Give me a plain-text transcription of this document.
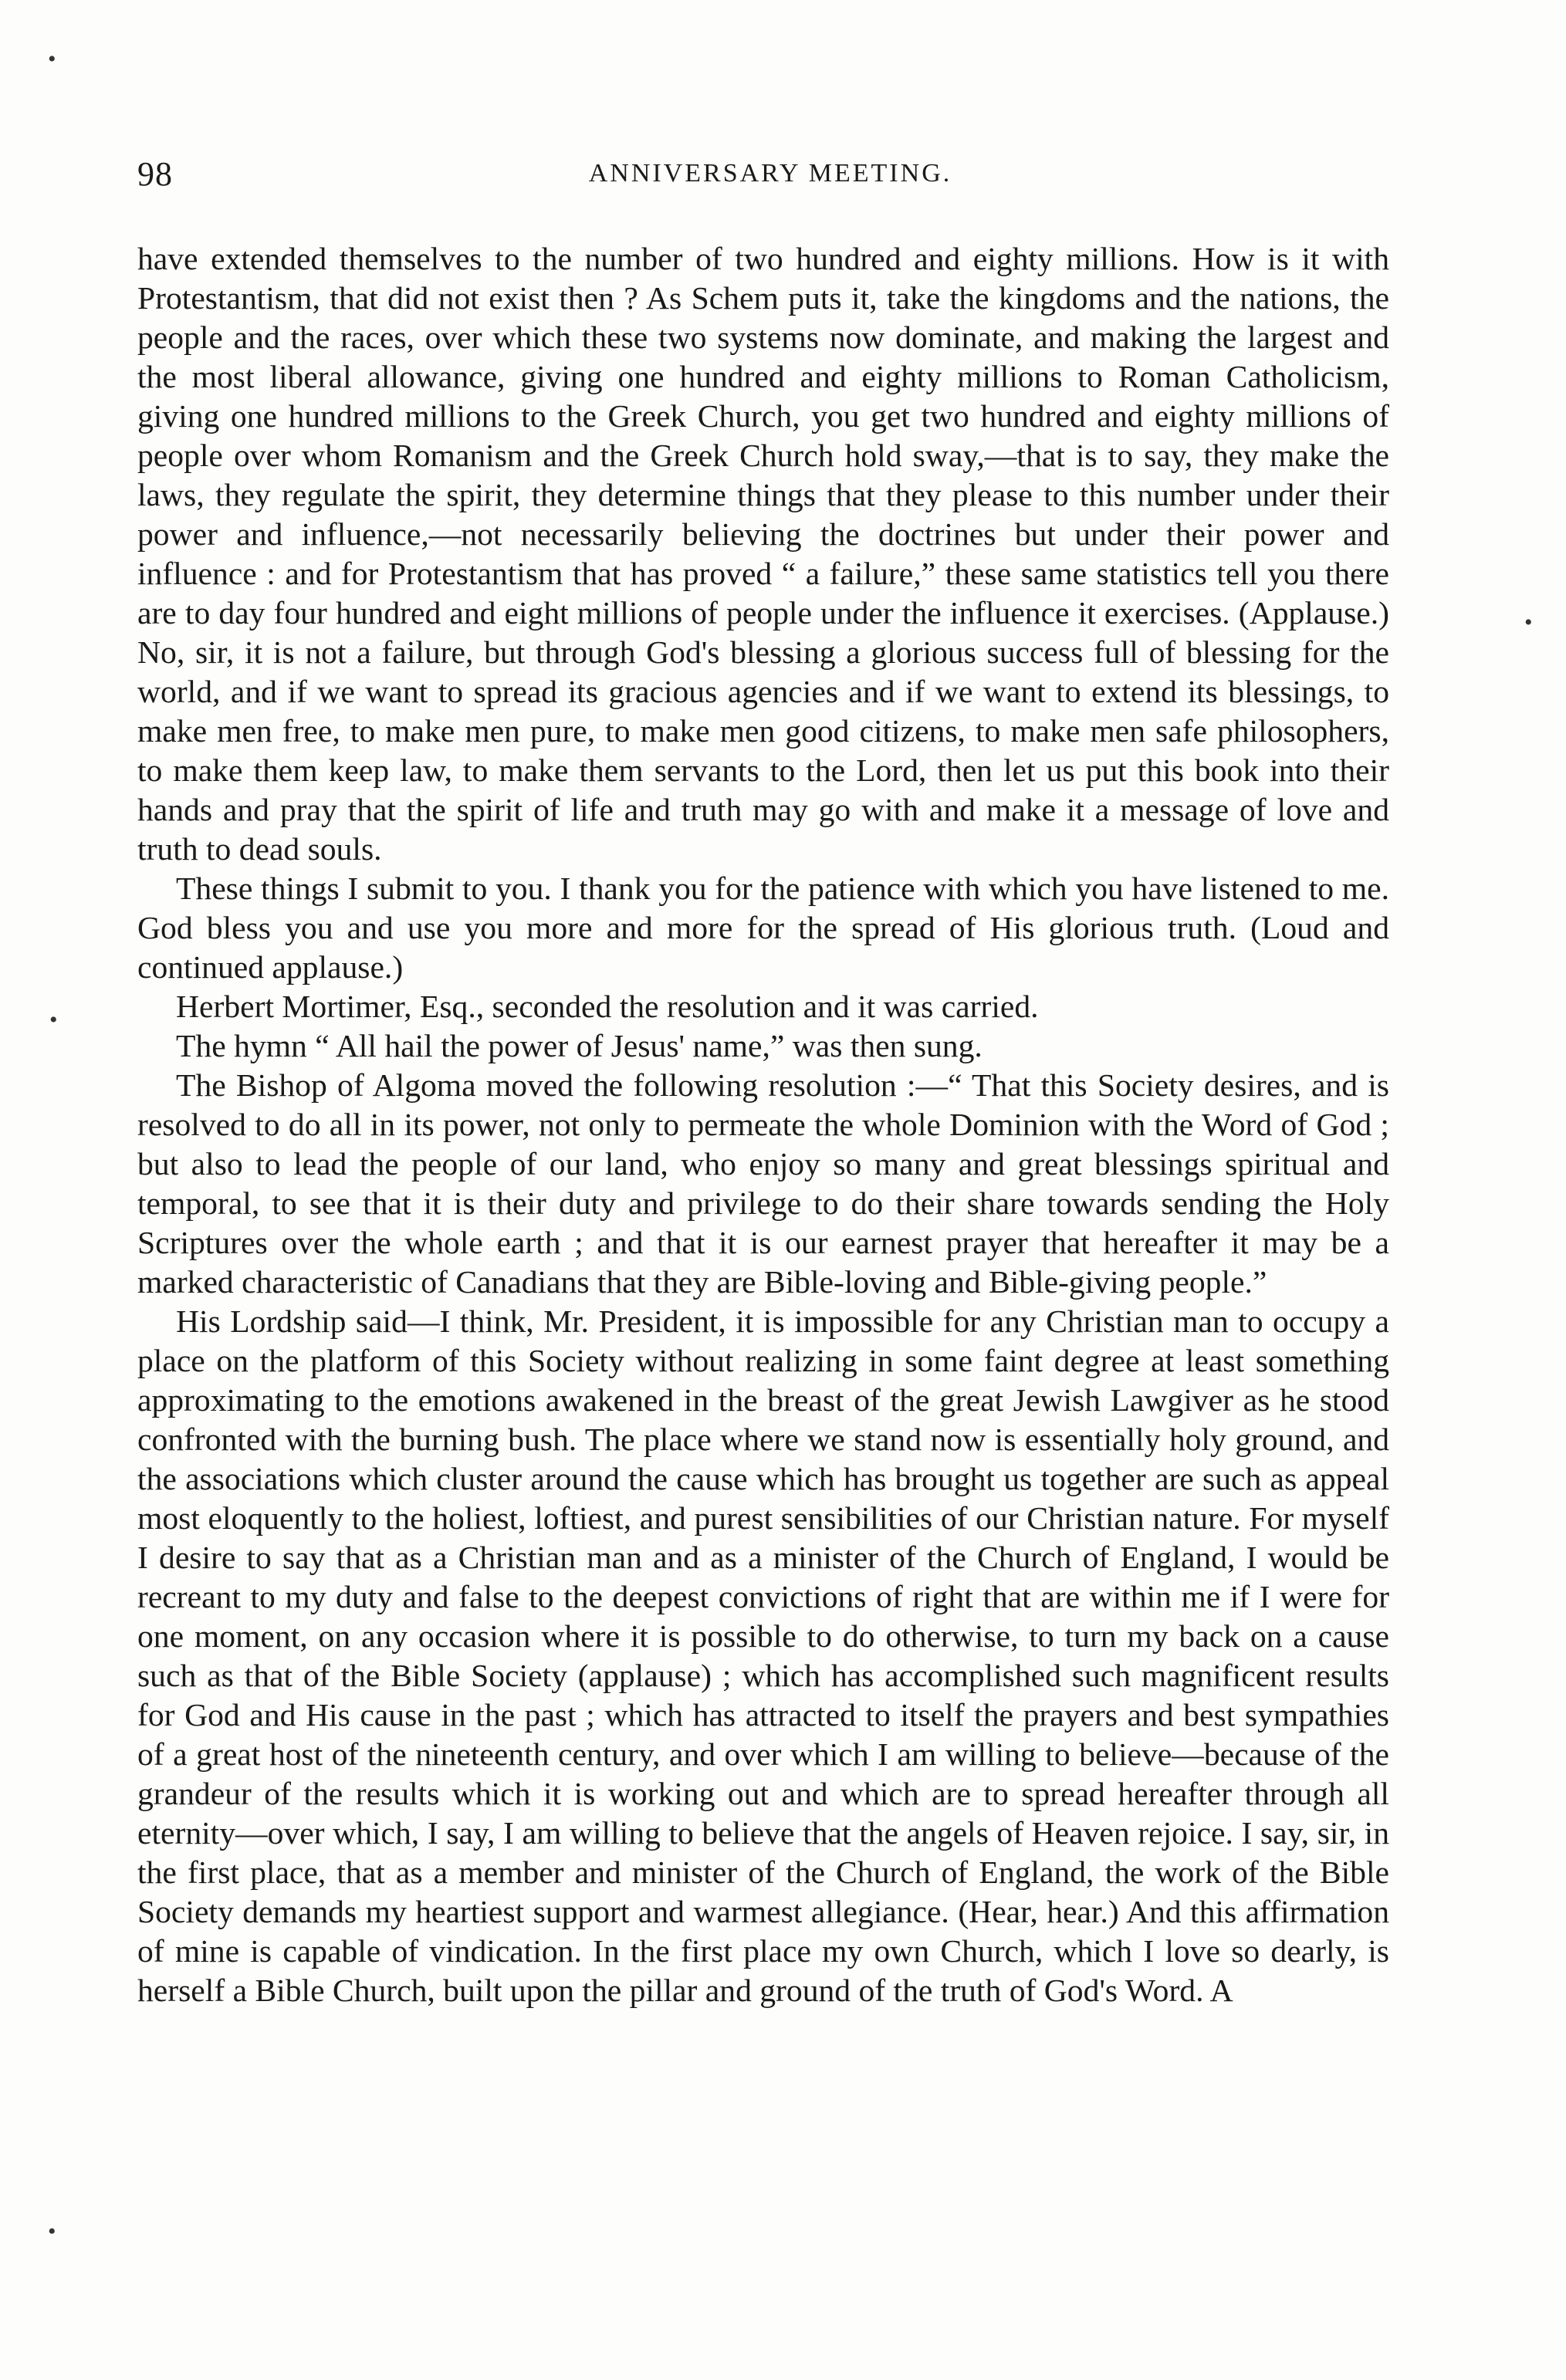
98	ANNIVERSARY MEETING.

have extended themselves to the number of two hundred and eighty millions. How is it with Protestantism, that did not exist then ? As Schem puts it, take the kingdoms and the nations, the people and the races, over which these two systems now dominate, and making the largest and the most liberal allowance, giving one hundred and eighty millions to Roman Catholicism, giving one hundred millions to the Greek Church, you get two hundred and eighty millions of people over whom Romanism and the Greek Church hold sway,—that is to say, they make the laws, they regulate the spirit, they determine things that they please to this number under their power and influence,—not necessarily believing the doctrines but under their power and influence : and for Protestantism that has proved “ a failure,” these same statistics tell you there are to day four hundred and eight millions of people under the influence it exercises. (Applause.) No, sir, it is not a failure, but through God's blessing a glorious success full of blessing for the world, and if we want to spread its gracious agencies and if we want to extend its blessings, to make men free, to make men pure, to make men good citizens, to make men safe philosophers, to make them keep law, to make them servants to the Lord, then let us put this book into their hands and pray that the spirit of life and truth may go with and make it a message of love and truth to dead souls.

These things I submit to you. I thank you for the patience with which you have listened to me. God bless you and use you more and more for the spread of His glorious truth. (Loud and continued applause.)

Herbert Mortimer, Esq., seconded the resolution and it was carried.

The hymn “ All hail the power of Jesus' name,” was then sung.

The Bishop of Algoma moved the following resolution :—“ That this Society desires, and is resolved to do all in its power, not only to permeate the whole Dominion with the Word of God ; but also to lead the people of our land, who enjoy so many and great blessings spiritual and temporal, to see that it is their duty and privilege to do their share towards sending the Holy Scriptures over the whole earth ; and that it is our earnest prayer that hereafter it may be a marked characteristic of Canadians that they are Bible-loving and Bible-giving people.”

His Lordship said—I think, Mr. President, it is impossible for any Christian man to occupy a place on the platform of this Society without realizing in some faint degree at least something approximating to the emotions awakened in the breast of the great Jewish Lawgiver as he stood confronted with the burning bush. The place where we stand now is essentially holy ground, and the associations which cluster around the cause which has brought us together are such as appeal most eloquently to the holiest, loftiest, and purest sensibilities of our Christian nature. For myself I desire to say that as a Christian man and as a minister of the Church of England, I would be recreant to my duty and false to the deepest convictions of right that are within me if I were for one moment, on any occasion where it is possible to do otherwise, to turn my back on a cause such as that of the Bible Society (applause) ; which has accomplished such magnificent results for God and His cause in the past ; which has attracted to itself the prayers and best sympathies of a great host of the nineteenth century, and over which I am willing to believe—because of the grandeur of the results which it is working out and which are to spread hereafter through all eternity—over which, I say, I am willing to believe that the angels of Heaven rejoice. I say, sir, in the first place, that as a member and minister of the Church of England, the work of the Bible Society demands my heartiest support and warmest allegiance. (Hear, hear.) And this affirmation of mine is capable of vindication. In the first place my own Church, which I love so dearly, is herself a Bible Church, built upon the pillar and ground of the truth of God's Word. A

•
•
•
•
